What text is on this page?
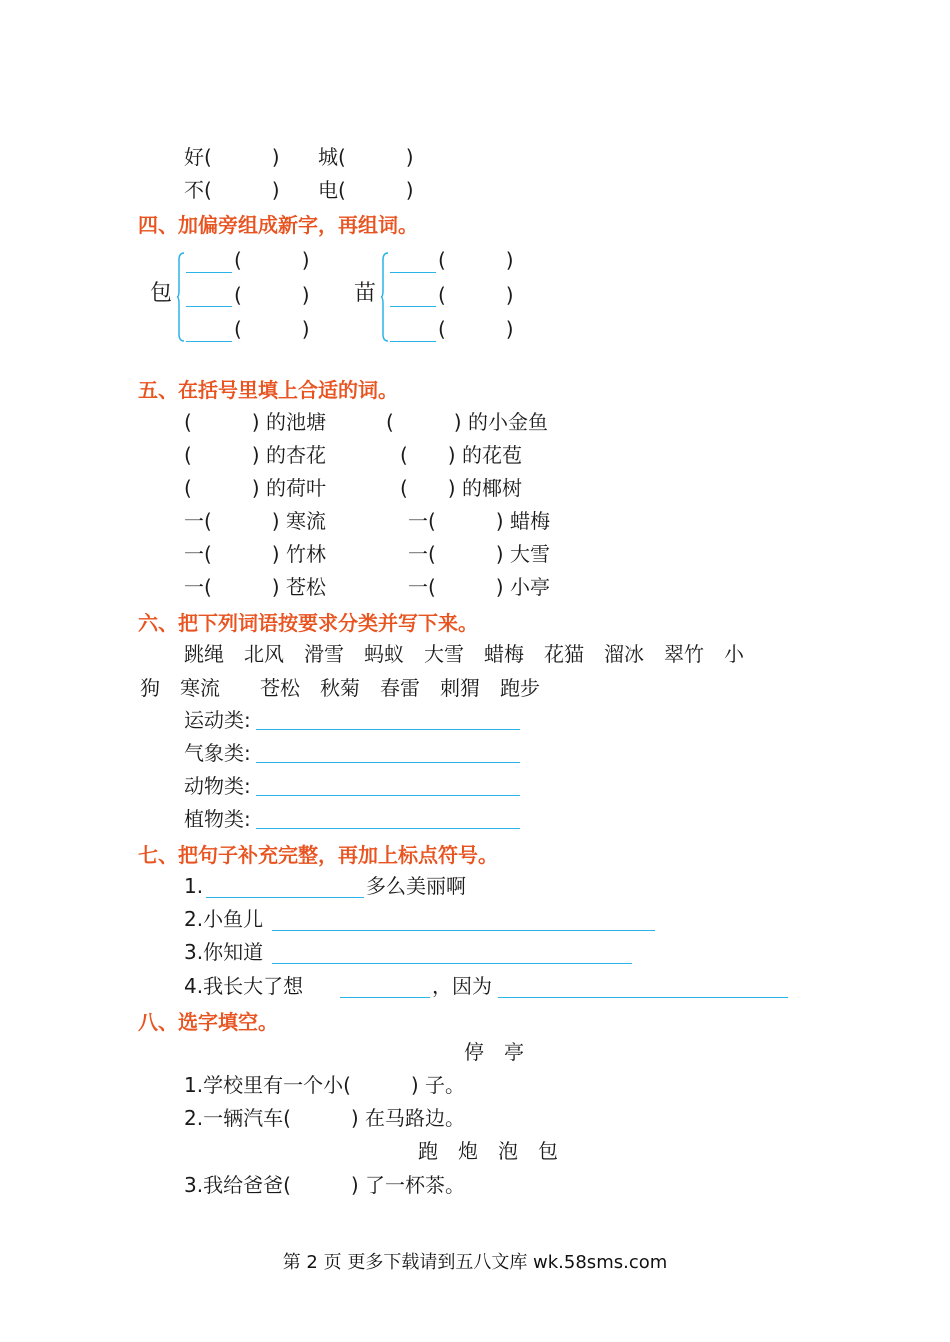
好(　　　) 城(　　　)
不(　　　) 电(　　　)
四、加偏旁组成新字，再组词。
包
(　　　)
(　　　)
(　　　)
苗
(　　　)
(　　　)
(　　　)
五、在括号里填上合适的词。
(　　　) 的池塘	(　　　) 的小金鱼
(　　　) 的杏花	(　　) 的花苞
(　　　) 的荷叶	(　　) 的椰树
一(　　　) 寒流	一(　　　) 蜡梅
一(　　　) 竹林	一(　　　) 大雪
一(　　　) 苍松	一(　　　) 小亭
六、把下列词语按要求分类并写下来。
跳绳　北风　滑雪　蚂蚁　大雪　蜡梅　花猫　溜冰　翠竹　小
狗　寒流　　苍松　秋菊　春雷　刺猬　跑步
运动类:
气象类:
动物类:
植物类:
七、把句子补充完整，再加上标点符号。
1.	多么美丽啊
2.小鱼儿
3.你知道
4.我长大了想	，因为
八、选字填空。
停　亭
1.学校里有一个小(　　　) 子。
2.一辆汽车(　　　) 在马路边。
跑　炮　泡　包
3.我给爸爸(　　　) 了一杯茶。
第 2 页 更多下载请到五八文库 wk.58sms.com
